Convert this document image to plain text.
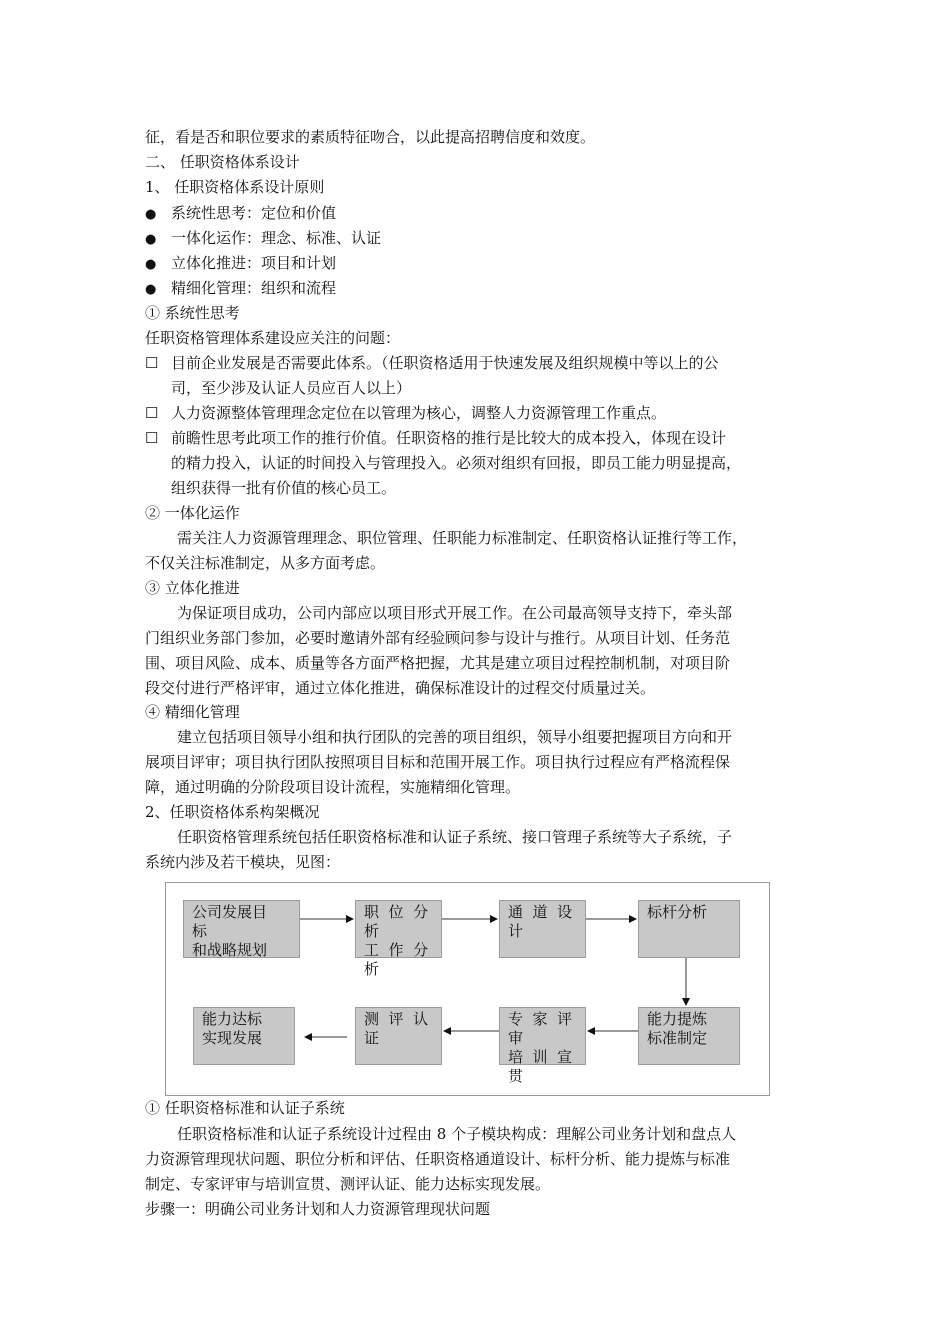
征，看是否和职位要求的素质特征吻合，以此提高招聘信度和效度。
二、 任职资格体系设计
1、 任职资格体系设计原则
● 系统性思考：定位和价值
● 一体化运作：理念、标准、认证
● 立体化推进：项目和计划
● 精细化管理：组织和流程
① 系统性思考
任职资格管理体系建设应关注的问题：
☐ 目前企业发展是否需要此体系。（任职资格适用于快速发展及组织规模中等以上的公
司，至少涉及认证人员应百人以上）
☐ 人力资源整体管理理念定位在以管理为核心，调整人力资源管理工作重点。
☐ 前瞻性思考此项工作的推行价值。任职资格的推行是比较大的成本投入，体现在设计
的精力投入，认证的时间投入与管理投入。必须对组织有回报，即员工能力明显提高，
组织获得一批有价值的核心员工。
② 一体化运作
需关注人力资源管理理念、职位管理、任职能力标准制定、任职资格认证推行等工作，
不仅关注标准制定，从多方面考虑。
③ 立体化推进
为保证项目成功，公司内部应以项目形式开展工作。在公司最高领导支持下，牵头部
门组织业务部门参加，必要时邀请外部有经验顾问参与设计与推行。从项目计划、任务范
围、项目风险、成本、质量等各方面严格把握，尤其是建立项目过程控制机制，对项目阶
段交付进行严格评审，通过立体化推进，确保标准设计的过程交付质量过关。
④ 精细化管理
建立包括项目领导小组和执行团队的完善的项目组织，领导小组要把握项目方向和开
展项目评审；项目执行团队按照项目目标和范围开展工作。项目执行过程应有严格流程保
障，通过明确的分阶段项目设计流程，实施精细化管理。
2、任职资格体系构架概况
任职资格管理系统包括任职资格标准和认证子系统、接口管理子系统等大子系统，子
系统内涉及若干模块，见图：
公司发展目
标
和战略规划
职  位  分
析
工  作  分
析
通  道  设
计
标杆分析
能力达标
实现发展
测  评  认
证
专  家  评
审
培  训  宣
贯
能力提炼
标准制定
① 任职资格标准和认证子系统
任职资格标准和认证子系统设计过程由 8 个子模块构成：理解公司业务计划和盘点人
力资源管理现状问题、职位分析和评估、任职资格通道设计、标杆分析、能力提炼与标准
制定、专家评审与培训宣贯、测评认证、能力达标实现发展。
步骤一：明确公司业务计划和人力资源管理现状问题
